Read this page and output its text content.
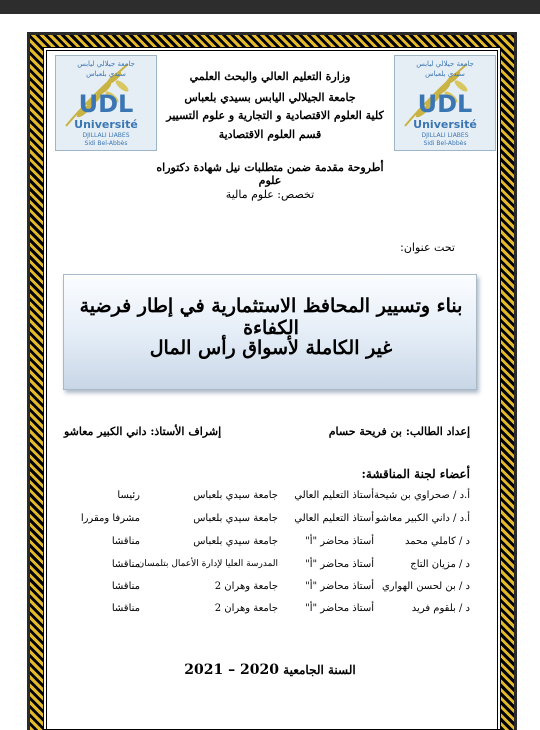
جامعة جيلالي ليابس
سيدي بلعباس
UDL
Université
DJILLALI LIABES
Sidi Bel-Abbès
جامعة جيلالي ليابس
سيدي بلعباس
UDL
Université
DJILLALI LIABES
Sidi Bel-Abbès
وزارة التعليم العالي والبحث العلمي
جامعة الجيلالي اليابس بسيدي بلعباس
كلية العلوم الاقتصادية و التجارية و علوم التسيير
قسم العلوم الاقتصادية
أطروحة مقدمة ضمن متطلبات نيل شهادة دكتوراه علوم
تخصص: علوم مالية
تحت عنوان:
بناء وتسيير المحافظ الاستثمارية في إطار فرضية الكفاءة
غير الكاملة لأسواق رأس المال
إعداد الطالب: بن فريحة حسام
إشراف الأستاذ: داني الكبير معاشو
أعضاء لجنة المناقشة:
أ.د / صحراوي بن شيحة
أستاذ التعليم العالي
جامعة سيدي بلعباس
رئيسا
أ.د / داني الكبير معاشو
أستاذ التعليم العالي
جامعة سيدي بلعباس
مشرفا ومقررا
د / كاملي محمد
أستاذ محاضر "أ"
جامعة سيدي بلعباس
مناقشا
د / مزيان التاج
أستاذ محاضر "أ"
المدرسة العليا لإدارة الأعمال بتلمسان
مناقشا
د / بن لحسن الهواري
أستاذ محاضر "أ"
جامعة وهران 2
مناقشا
د / بلقوم فريد
أستاذ محاضر "أ"
جامعة وهران 2
مناقشا
السنة الجامعية 2020 – 2021
